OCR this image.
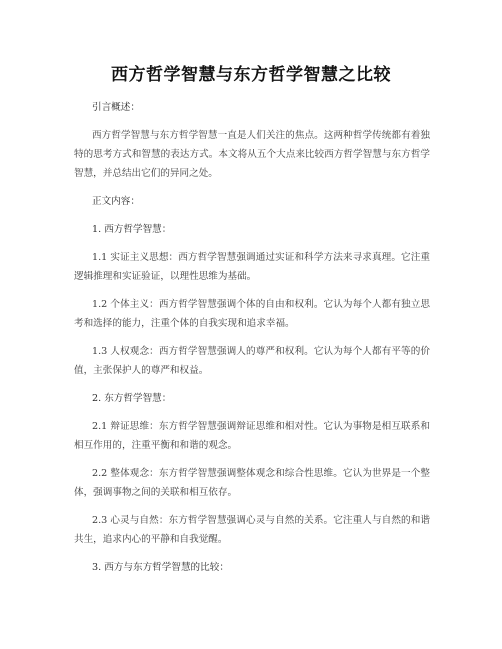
西方哲学智慧与东方哲学智慧之比较

引言概述：

西方哲学智慧与东方哲学智慧一直是人们关注的焦点。这两种哲学传统都有着独特的思考方式和智慧的表达方式。本文将从五个大点来比较西方哲学智慧与东方哲学智慧，并总结出它们的异同之处。

正文内容：

1. 西方哲学智慧：

1.1 实证主义思想：西方哲学智慧强调通过实证和科学方法来寻求真理。它注重逻辑推理和实证验证，以理性思维为基础。

1.2 个体主义：西方哲学智慧强调个体的自由和权利。它认为每个人都有独立思考和选择的能力，注重个体的自我实现和追求幸福。

1.3 人权观念：西方哲学智慧强调人的尊严和权利。它认为每个人都有平等的价值，主张保护人的尊严和权益。

2. 东方哲学智慧：

2.1 辩证思维：东方哲学智慧强调辩证思维和相对性。它认为事物是相互联系和相互作用的，注重平衡和和谐的观念。

2.2 整体观念：东方哲学智慧强调整体观念和综合性思维。它认为世界是一个整体，强调事物之间的关联和相互依存。

2.3 心灵与自然：东方哲学智慧强调心灵与自然的关系。它注重人与自然的和谐共生，追求内心的平静和自我觉醒。

3. 西方与东方哲学智慧的比较：
